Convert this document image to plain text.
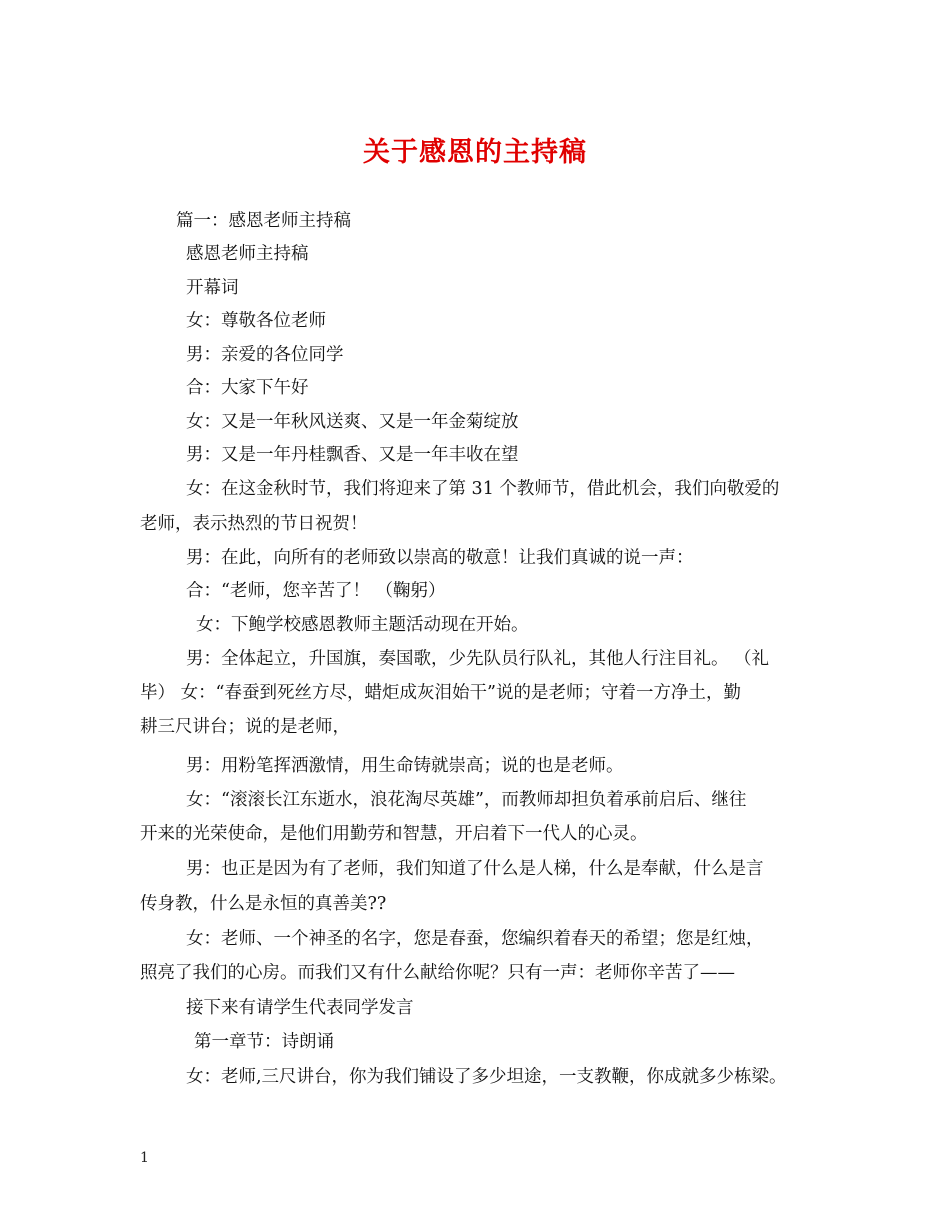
关于感恩的主持稿
篇一：感恩老师主持稿
感恩老师主持稿
开幕词
女：尊敬各位老师
男：亲爱的各位同学
合：大家下午好
女：又是一年秋风送爽、又是一年金菊绽放
男：又是一年丹桂飘香、又是一年丰收在望
女：在这金秋时节，我们将迎来了第 31 个教师节，借此机会，我们向敬爱的
老师，表示热烈的节日祝贺！
男：在此，向所有的老师致以崇高的敬意！让我们真诚的说一声：
合：“老师，您辛苦了！ （鞠躬）
女：下鲍学校感恩教师主题活动现在开始。
男：全体起立，升国旗，奏国歌，少先队员行队礼，其他人行注目礼。 （礼
毕） 女：“春蚕到死丝方尽，蜡炬成灰泪始干”说的是老师；守着一方净土，勤
耕三尺讲台；说的是老师，
男：用粉笔挥洒激情，用生命铸就崇高；说的也是老师。
女：“滚滚长江东逝水，浪花淘尽英雄”，而教师却担负着承前启后、继往
开来的光荣使命，是他们用勤劳和智慧，开启着下一代人的心灵。
男：也正是因为有了老师，我们知道了什么是人梯，什么是奉献，什么是言
传身教，什么是永恒的真善美??
女：老师、一个神圣的名字，您是春蚕，您编织着春天的希望；您是红烛，
照亮了我们的心房。而我们又有什么献给你呢？只有一声：老师你辛苦了——
接下来有请学生代表同学发言
第一章节：诗朗诵
女：老师,三尺讲台，你为我们铺设了多少坦途，一支教鞭，你成就多少栋梁。
1
